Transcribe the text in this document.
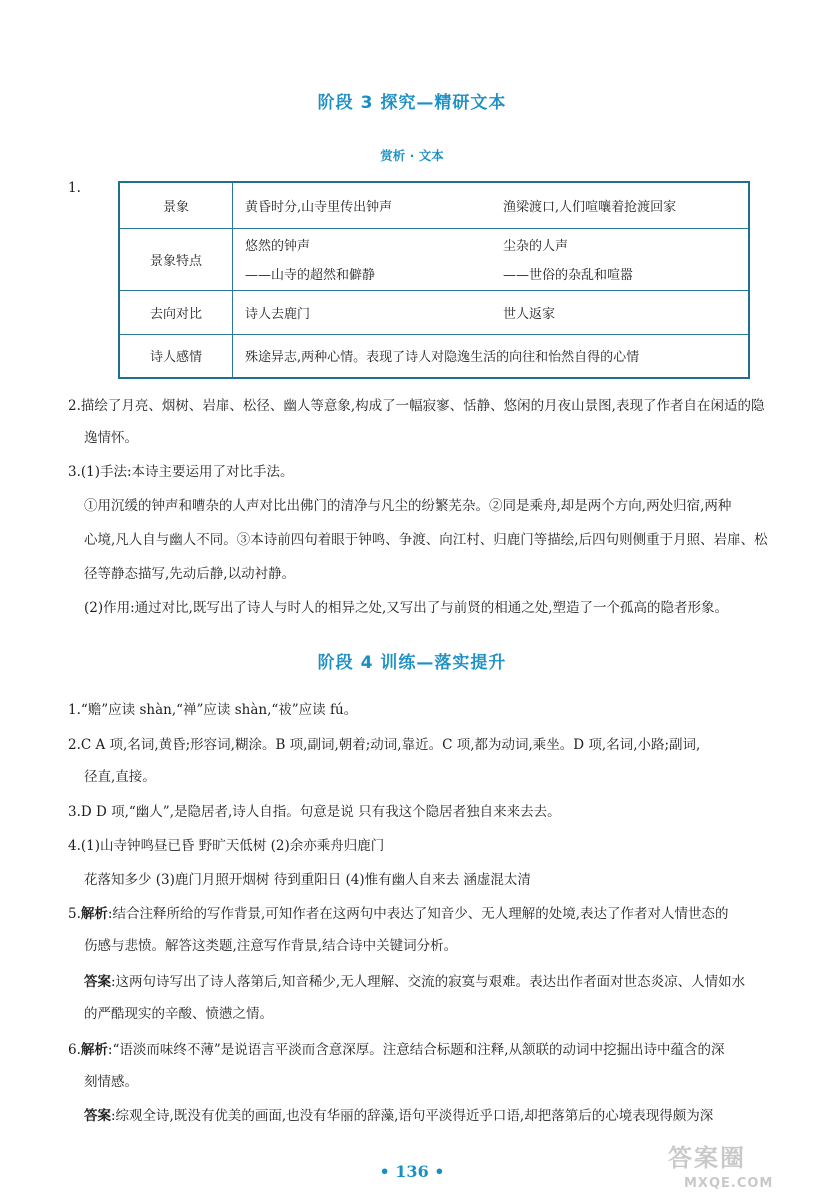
阶段 3 探究—精研文本
赏析 · 文本
1.
景象	黄昏时分,山寺里传出钟声 渔梁渡口,人们喧嚷着抢渡回家

景象特点	悠然的钟声 尘杂的人声
——山寺的超然和僻静 ——世俗的杂乱和喧嚣

去向对比	诗人去鹿门 世人返家

诗人感情	殊途异志,两种心情。表现了诗人对隐逸生活的向往和怡然自得的心情
2.描绘了月亮、烟树、岩扉、松径、幽人等意象,构成了一幅寂寥、恬静、悠闲的月夜山景图,表现了作者自在闲适的隐
逸情怀。
3.(1)手法:本诗主要运用了对比手法。
①用沉缓的钟声和嘈杂的人声对比出佛门的清净与凡尘的纷繁芜杂。②同是乘舟,却是两个方向,两处归宿,两种
心境,凡人自与幽人不同。③本诗前四句着眼于钟鸣、争渡、向江村、归鹿门等描绘,后四句则侧重于月照、岩扉、松
径等静态描写,先动后静,以动衬静。
(2)作用:通过对比,既写出了诗人与时人的相异之处,又写出了与前贤的相通之处,塑造了一个孤高的隐者形象。
阶段 4 训练—落实提升
1.“赡”应读 shàn,“禅”应读 shàn,“祓”应读 fú。
2.C A 项,名词,黄昏;形容词,糊涂。B 项,副词,朝着;动词,靠近。C 项,都为动词,乘坐。D 项,名词,小路;副词,
径直,直接。
3.D D 项,“幽人”,是隐居者,诗人自指。句意是说 只有我这个隐居者独自来来去去。
4.(1)山寺钟鸣昼已昏 野旷天低树 (2)余亦乘舟归鹿门
花落知多少 (3)鹿门月照开烟树 待到重阳日 (4)惟有幽人自来去 涵虚混太清
5.解析:结合注释所给的写作背景,可知作者在这两句中表达了知音少、无人理解的处境,表达了作者对人情世态的
伤感与悲愤。解答这类题,注意写作背景,结合诗中关键词分析。
答案:这两句诗写出了诗人落第后,知音稀少,无人理解、交流的寂寞与艰难。表达出作者面对世态炎凉、人情如水
的严酷现实的辛酸、愤懑之情。
6.解析:“语淡而味终不薄”是说语言平淡而含意深厚。注意结合标题和注释,从颔联的动词中挖掘出诗中蕴含的深
刻情感。
答案:综观全诗,既没有优美的画面,也没有华丽的辞藻,语句平淡得近乎口语,却把落第后的心境表现得颇为深
• 136 •	答案圈
MXQE.COM
